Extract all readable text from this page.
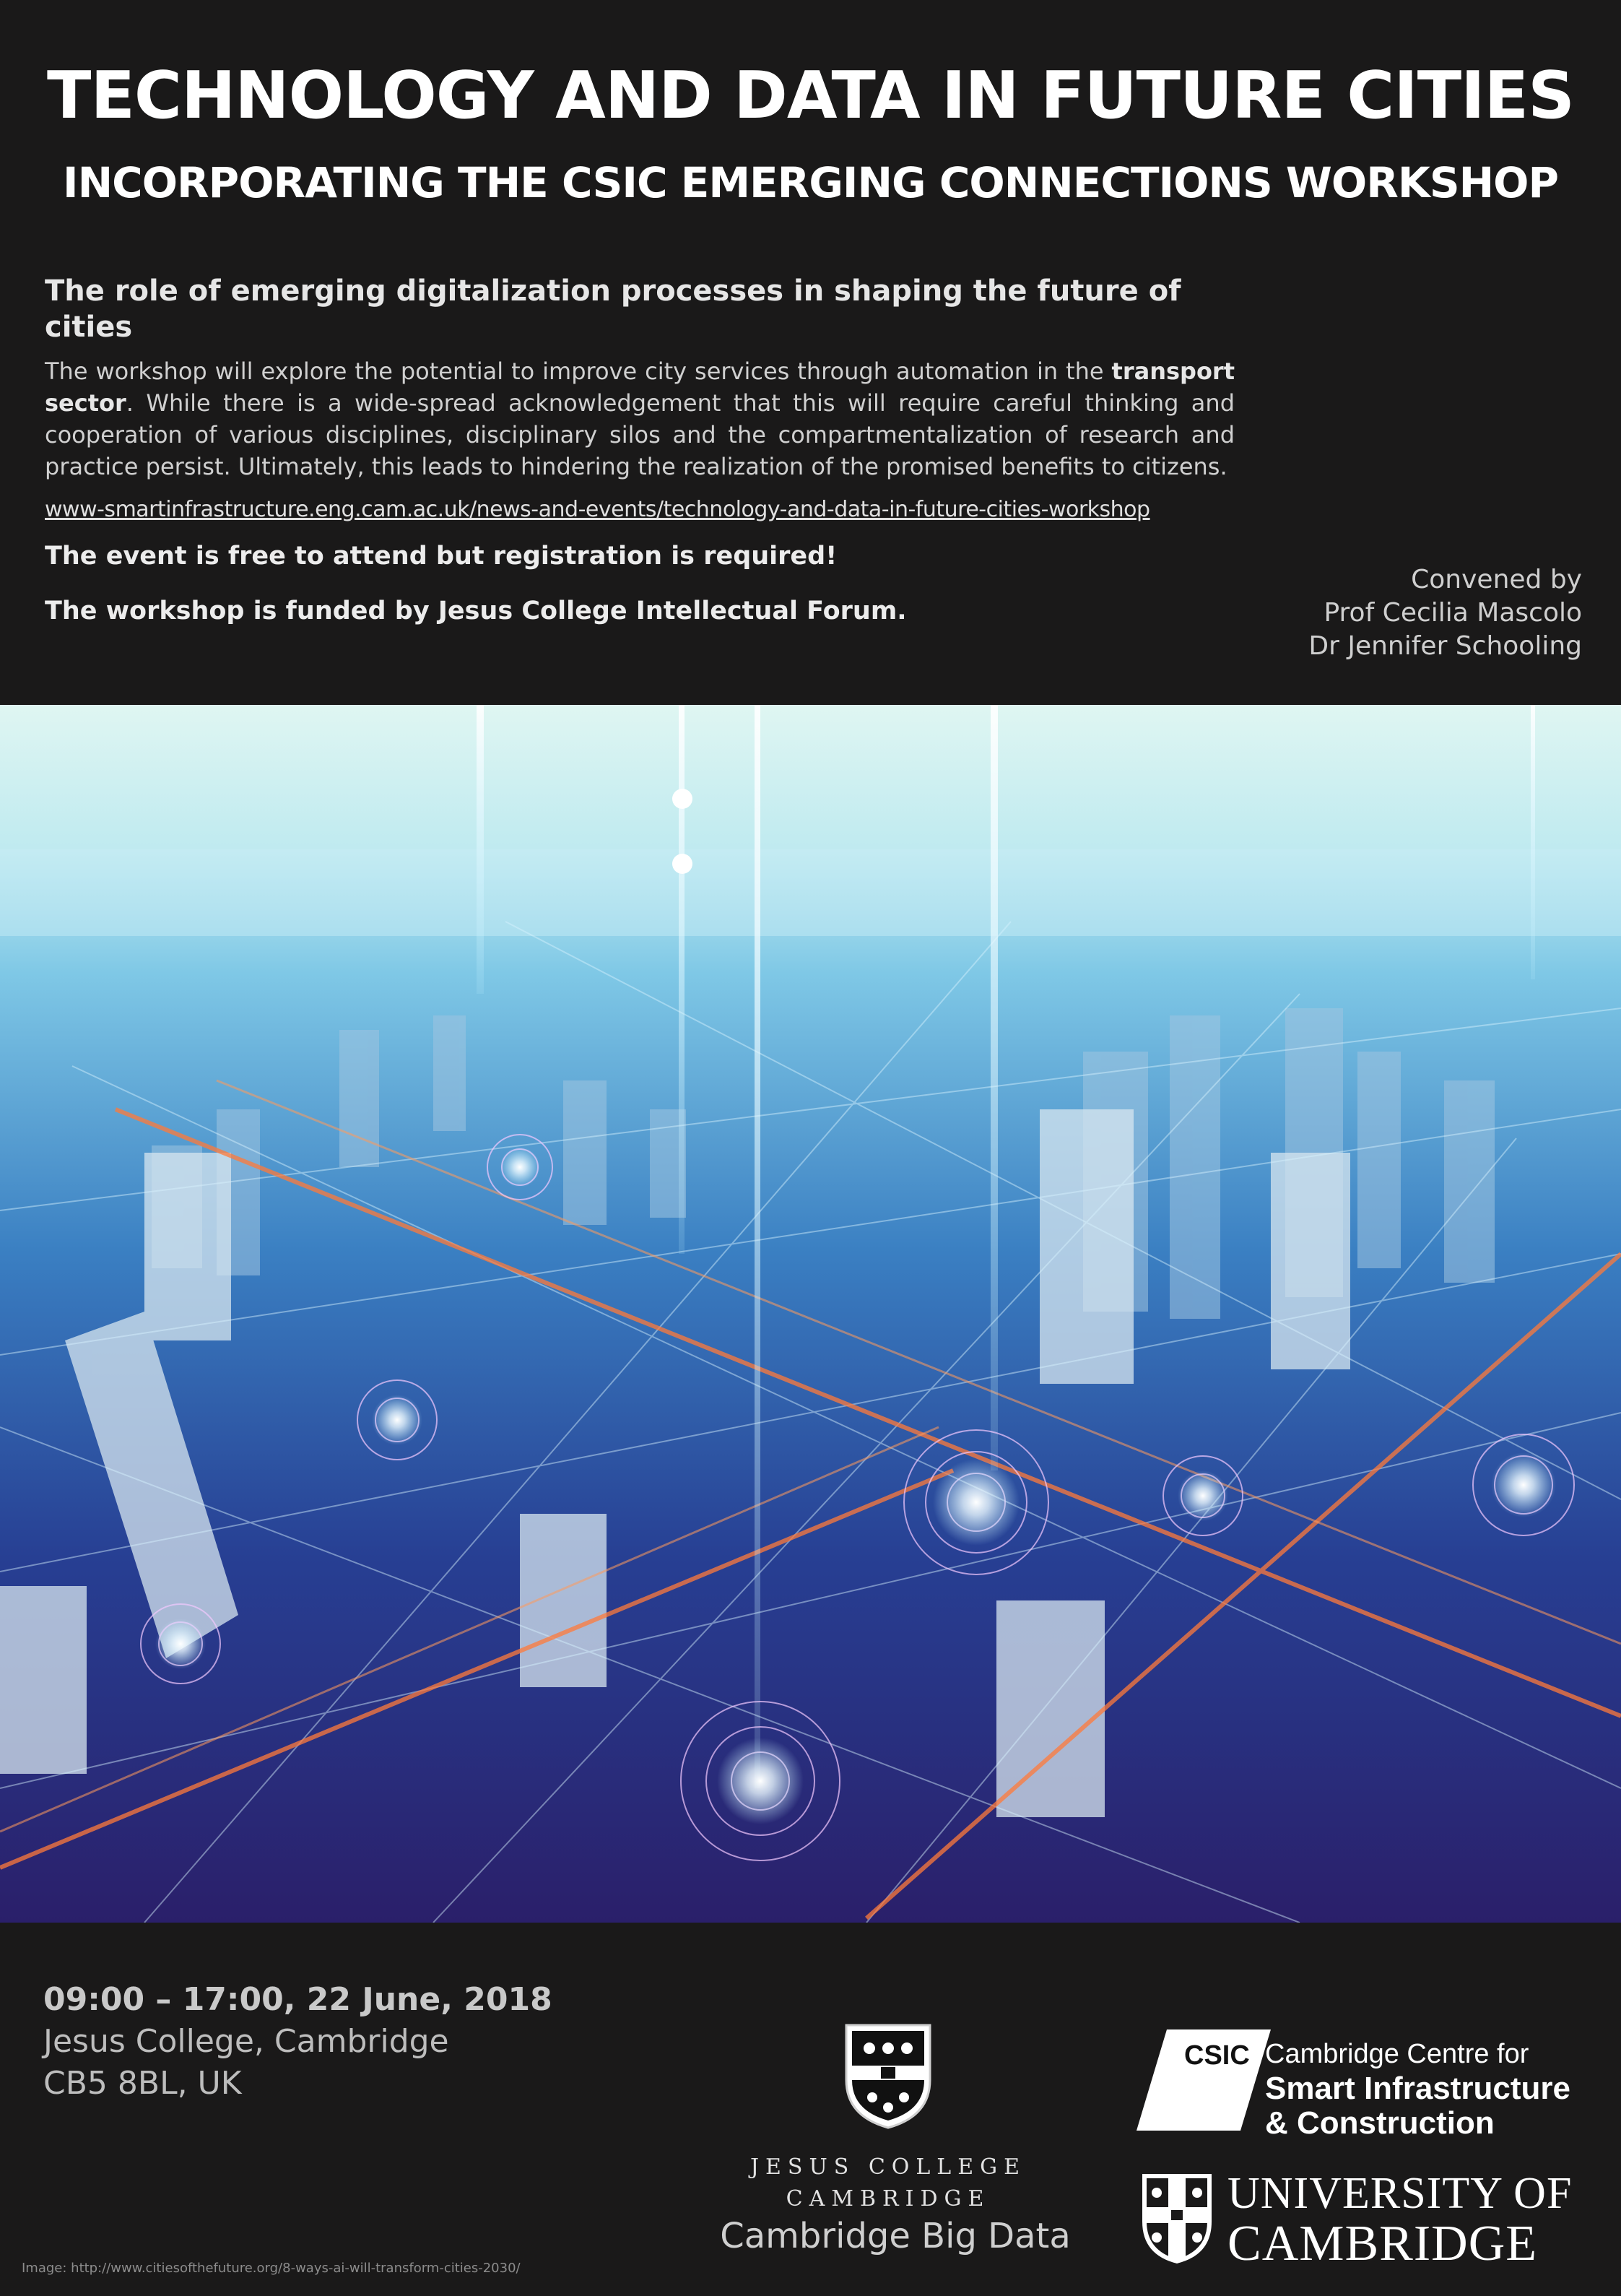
TECHNOLOGY AND DATA IN FUTURE CITIES
INCORPORATING THE CSIC EMERGING CONNECTIONS WORKSHOP
The role of emerging digitalization processes in shaping the future of cities

The workshop will explore the potential to improve city services through automation in the transport sector. While there is a wide-spread acknowledgement that this will require careful thinking and cooperation of various disciplines, disciplinary silos and the compartmentalization of research and practice persist. Ultimately, this leads to hindering the realization of the promised benefits to citizens.

www-smartinfrastructure.eng.cam.ac.uk/news-and-events/technology-and-data-in-future-cities-workshop

The event is free to attend but registration is required!

The workshop is funded by Jesus College Intellectual Forum.

Convened by
Prof Cecilia Mascolo
Dr Jennifer Schooling
09:00 – 17:00, 22 June, 2018
Jesus College, Cambridge
CB5 8BL, UK
JESUS COLLEGE
CAMBRIDGE
Cambridge Big Data
CSIC Cambridge Centre for
Smart Infrastructure
& Construction
UNIVERSITY OF
CAMBRIDGE
Image: http://www.citiesofthefuture.org/8-ways-ai-will-transform-cities-2030/
